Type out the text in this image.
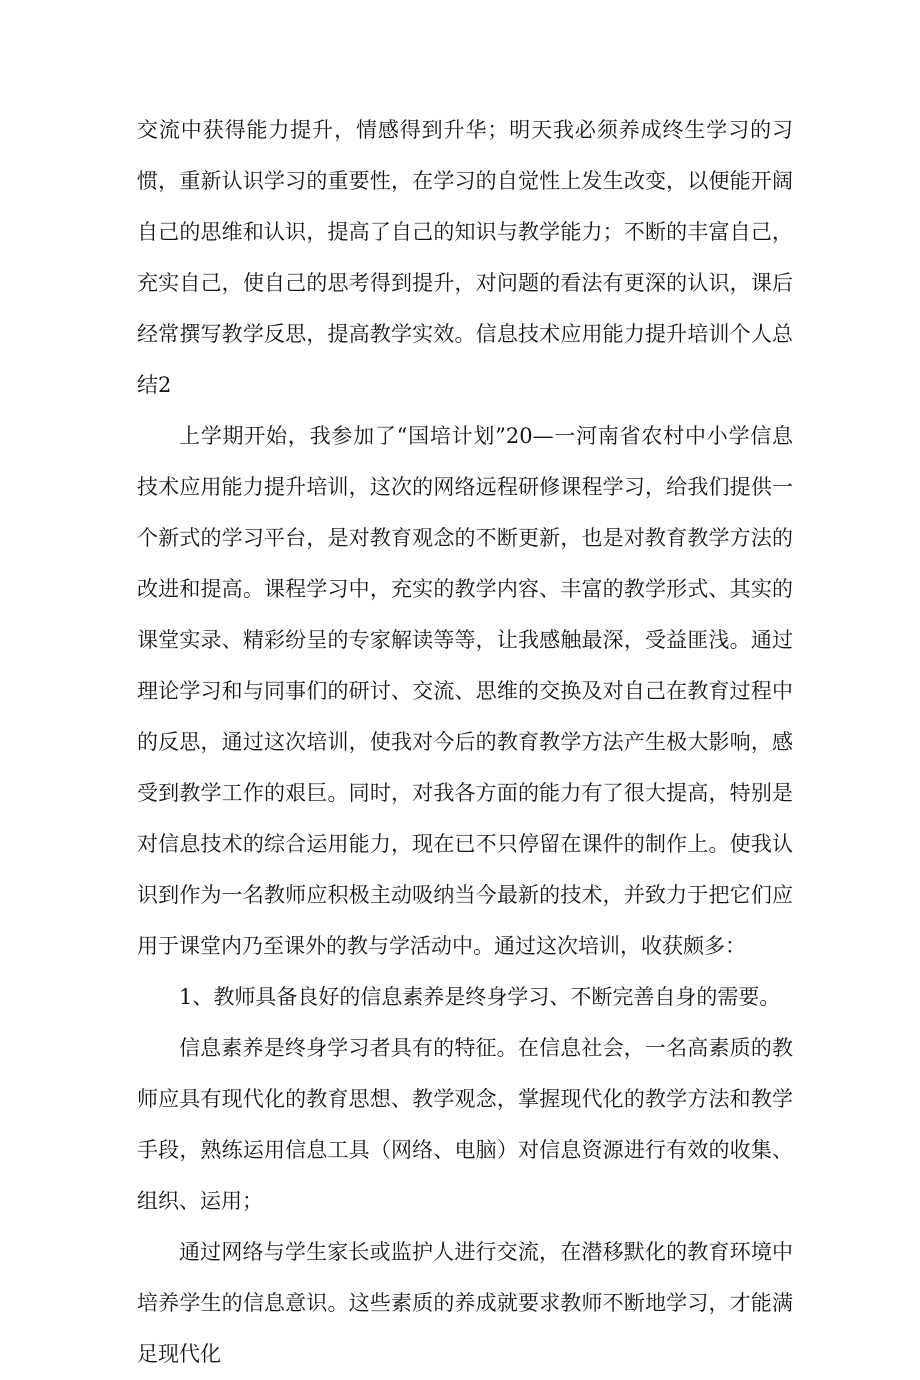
交流中获得能力提升，情感得到升华；明天我必须养成终生学习的习惯，重新认识学习的重要性，在学习的自觉性上发生改变，以便能开阔自己的思维和认识，提高了自己的知识与教学能力；不断的丰富自己，充实自己，使自己的思考得到提升，对问题的看法有更深的认识，课后经常撰写教学反思，提高教学实效。信息技术应用能力提升培训个人总结2

上学期开始，我参加了“国培计划”20—一河南省农村中小学信息技术应用能力提升培训，这次的网络远程研修课程学习，给我们提供一个新式的学习平台，是对教育观念的不断更新，也是对教育教学方法的改进和提高。课程学习中，充实的教学内容、丰富的教学形式、其实的课堂实录、精彩纷呈的专家解读等等，让我感触最深，受益匪浅。通过理论学习和与同事们的研讨、交流、思维的交换及对自己在教育过程中的反思，通过这次培训，使我对今后的教育教学方法产生极大影响，感受到教学工作的艰巨。同时，对我各方面的能力有了很大提高，特别是对信息技术的综合运用能力，现在已不只停留在课件的制作上。使我认识到作为一名教师应积极主动吸纳当今最新的技术，并致力于把它们应用于课堂内乃至课外的教与学活动中。通过这次培训，收获颇多：

1、教师具备良好的信息素养是终身学习、不断完善自身的需要。

信息素养是终身学习者具有的特征。在信息社会，一名高素质的教师应具有现代化的教育思想、教学观念，掌握现代化的教学方法和教学手段，熟练运用信息工具（网络、电脑）对信息资源进行有效的收集、组织、运用；

通过网络与学生家长或监护人进行交流，在潜移默化的教育环境中培养学生的信息意识。这些素质的养成就要求教师不断地学习，才能满足现代化
